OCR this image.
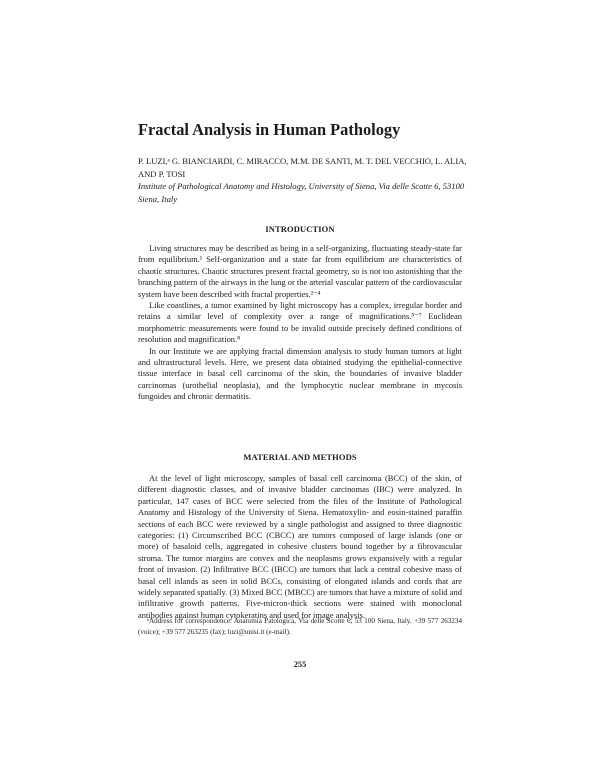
Fractal Analysis in Human Pathology
P. LUZI,ᵃ G. BIANCIARDI, C. MIRACCO, M.M. DE SANTI, M. T. DEL VECCHIO, L. ALIA, AND P. TOSI
Institute of Pathological Anatomy and Histology, University of Siena, Via delle Scotte 6, 53100 Siena, Italy
INTRODUCTION

Living structures may be described as being in a self-organizing, fluctuating steady-state far from equilibrium.¹ Self-organization and a state far from equilibrium are characteristics of chaotic structures. Chaotic structures present fractal geometry, so is not too astonishing that the branching pattern of the airways in the lung or the arterial vascular pattern of the cardiovascular system have been described with fractal properties.²⁻⁴

Like coastlines, a tumor examined by light microscopy has a complex, irregular border and retains a similar level of complexity over a range of magnifications.⁵⁻⁷ Euclidean morphometric measurements were found to be invalid outside precisely defined conditions of resolution and magnification.⁸

In our Institute we are applying fractal dimension analysis to study human tumors at light and ultrastructural levels. Here, we present data obtained studying the epithelial-connective tissue interface in basal cell carcinoma of the skin, the boundaries of invasive bladder carcinomas (urothelial neoplasia), and the lymphocytic nuclear membrane in mycosis fungoides and chronic dermatitis.

MATERIAL AND METHODS

At the level of light microscopy, samples of basal cell carcinoma (BCC) of the skin, of different diagnostic classes, and of invasive bladder carcinomas (IBC) were analyzed. In particular, 147 cases of BCC were selected from the files of the Institute of Pathological Anatomy and Histology of the University of Siena. Hematoxylin- and eosin-stained paraffin sections of each BCC were reviewed by a single pathologist and assigned to three diagnostic categories: (1) Circumscribed BCC (CBCC) are tumors composed of large islands (one or more) of basaloid cells, aggregated in cohesive clusters bound together by a fibrovascular stroma. The tumor margins are convex and the neoplasms grows expansively with a regular front of invasion. (2) Infiltrative BCC (IBCC) are tumors that lack a central cohesive mass of basal cell islands as seen in solid BCCs, consisting of elongated islands and cords that are widely separated spatially. (3) Mixed BCC (MBCC) are tumors that have a mixture of solid and infiltrative growth patterns. Five-micron-thick sections were stained with monoclonal antibodies against human cytokeratins and used for image analysis.

ᵃAddress for correspondence: Anatomia Patologica, Via delle Scotte 6, 53 100 Siena, Italy. +39 577 263234 (voice); +39 577 263235 (fax); luzi@unisi.it (e-mail).

255
